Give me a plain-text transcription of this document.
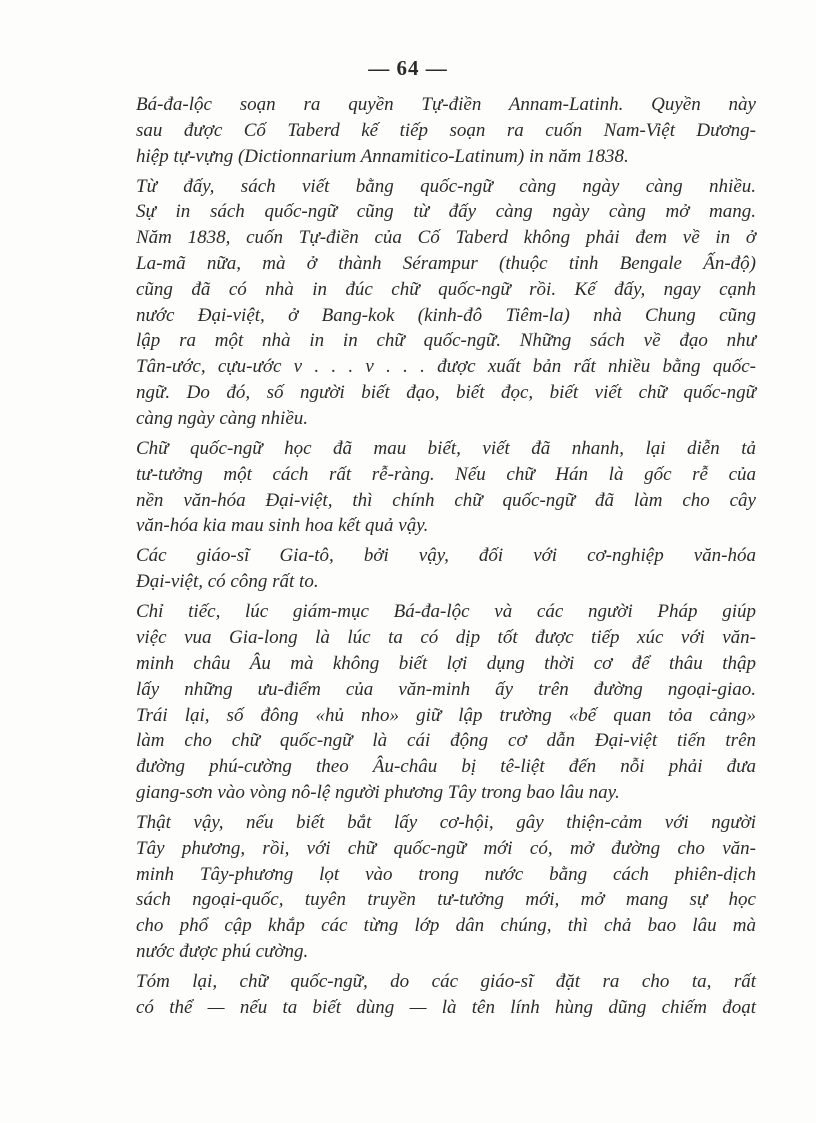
— 64 —

Bá-đa-lộc soạn ra quyền Tự-điền Annam-Latinh. Quyền này
sau được Cố Taberd kế tiếp soạn ra cuốn Nam-Việt Dương-
hiệp tự-vựng (Dictionnarium Annamitico-Latinum) in năm 1838.

Từ đấy, sách viết bằng quốc-ngữ càng ngày càng nhiều.
Sự in sách quốc-ngữ cũng từ đấy càng ngày càng mở mang.
Năm 1838, cuốn Tự-điền của Cố Taberd không phải đem về in ở
La-mã nữa, mà ở thành Sérampur (thuộc tỉnh Bengale Ấn-độ)
cũng đã có nhà in đúc chữ quốc-ngữ rồi. Kế đấy, ngay cạnh
nước Đại-việt, ở Bang-kok (kinh-đô Tiêm-la) nhà Chung cũng
lập ra một nhà in in chữ quốc-ngữ. Những sách về đạo như
Tân-ước, cựu-ước v . . . v . . . được xuất bản rất nhiều bằng quốc-
ngữ. Do đó, số người biết đạo, biết đọc, biết viết chữ quốc-ngữ
càng ngày càng nhiều.

Chữ quốc-ngữ học đã mau biết, viết đã nhanh, lại diễn tả
tư-tưởng một cách rất rễ-ràng. Nếu chữ Hán là gốc rễ của
nền văn-hóa Đại-việt, thì chính chữ quốc-ngữ đã làm cho cây
văn-hóa kia mau sinh hoa kết quả vậy.

Các giáo-sĩ Gia-tô, bởi vậy, đối với cơ-nghiệp văn-hóa
Đại-việt, có công rất to.

Chỉ tiếc, lúc giám-mục Bá-đa-lộc và các người Pháp giúp
việc vua Gia-long là lúc ta có dịp tốt được tiếp xúc với văn-
minh châu Âu mà không biết lợi dụng thời cơ để thâu thập
lấy những ưu-điểm của văn-minh ấy trên đường ngoại-giao.
Trái lại, số đông «hủ nho» giữ lập trường «bế quan tỏa cảng»
làm cho chữ quốc-ngữ là cái động cơ dẫn Đại-việt tiến trên
đường phú-cường theo Âu-châu bị tê-liệt đến nỗi phải đưa
giang-sơn vào vòng nô-lệ người phương Tây trong bao lâu nay.

Thật vậy, nếu biết bắt lấy cơ-hội, gây thiện-cảm với người
Tây phương, rồi, với chữ quốc-ngữ mới có, mở đường cho văn-
minh Tây-phương lọt vào trong nước bằng cách phiên-dịch
sách ngoại-quốc, tuyên truyền tư-tưởng mới, mở mang sự học
cho phổ cập khắp các từng lớp dân chúng, thì chả bao lâu mà
nước được phú cường.

Tóm lại, chữ quốc-ngữ, do các giáo-sĩ đặt ra cho ta, rất
có thể — nếu ta biết dùng — là tên lính hùng dũng chiếm đoạt
